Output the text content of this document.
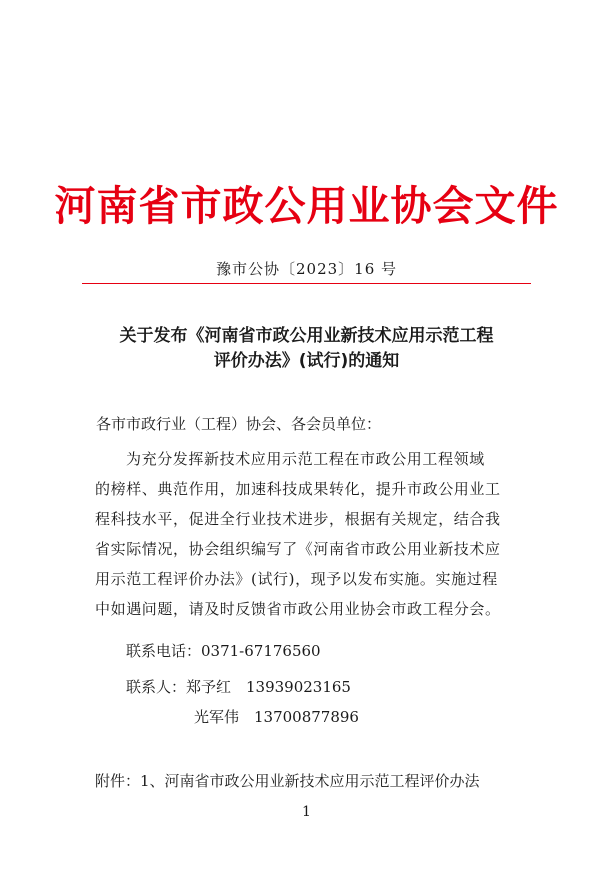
河南省市政公用业协会文件
豫市公协〔2023〕16 号
关于发布《河南省市政公用业新技术应用示范工程
评价办法》(试行)的通知
各市市政行业（工程）协会、各会员单位：
为充分发挥新技术应用示范工程在市政公用工程领域
的榜样、典范作用，加速科技成果转化，提升市政公用业工
程科技水平，促进全行业技术进步，根据有关规定，结合我
省实际情况，协会组织编写了《河南省市政公用业新技术应
用示范工程评价办法》(试行)，现予以发布实施。实施过程
中如遇问题，请及时反馈省市政公用业协会市政工程分会。
联系电话：0371-67176560
联系人：郑予红　13939023165
光军伟　13700877896
附件：1、河南省市政公用业新技术应用示范工程评价办法
1
